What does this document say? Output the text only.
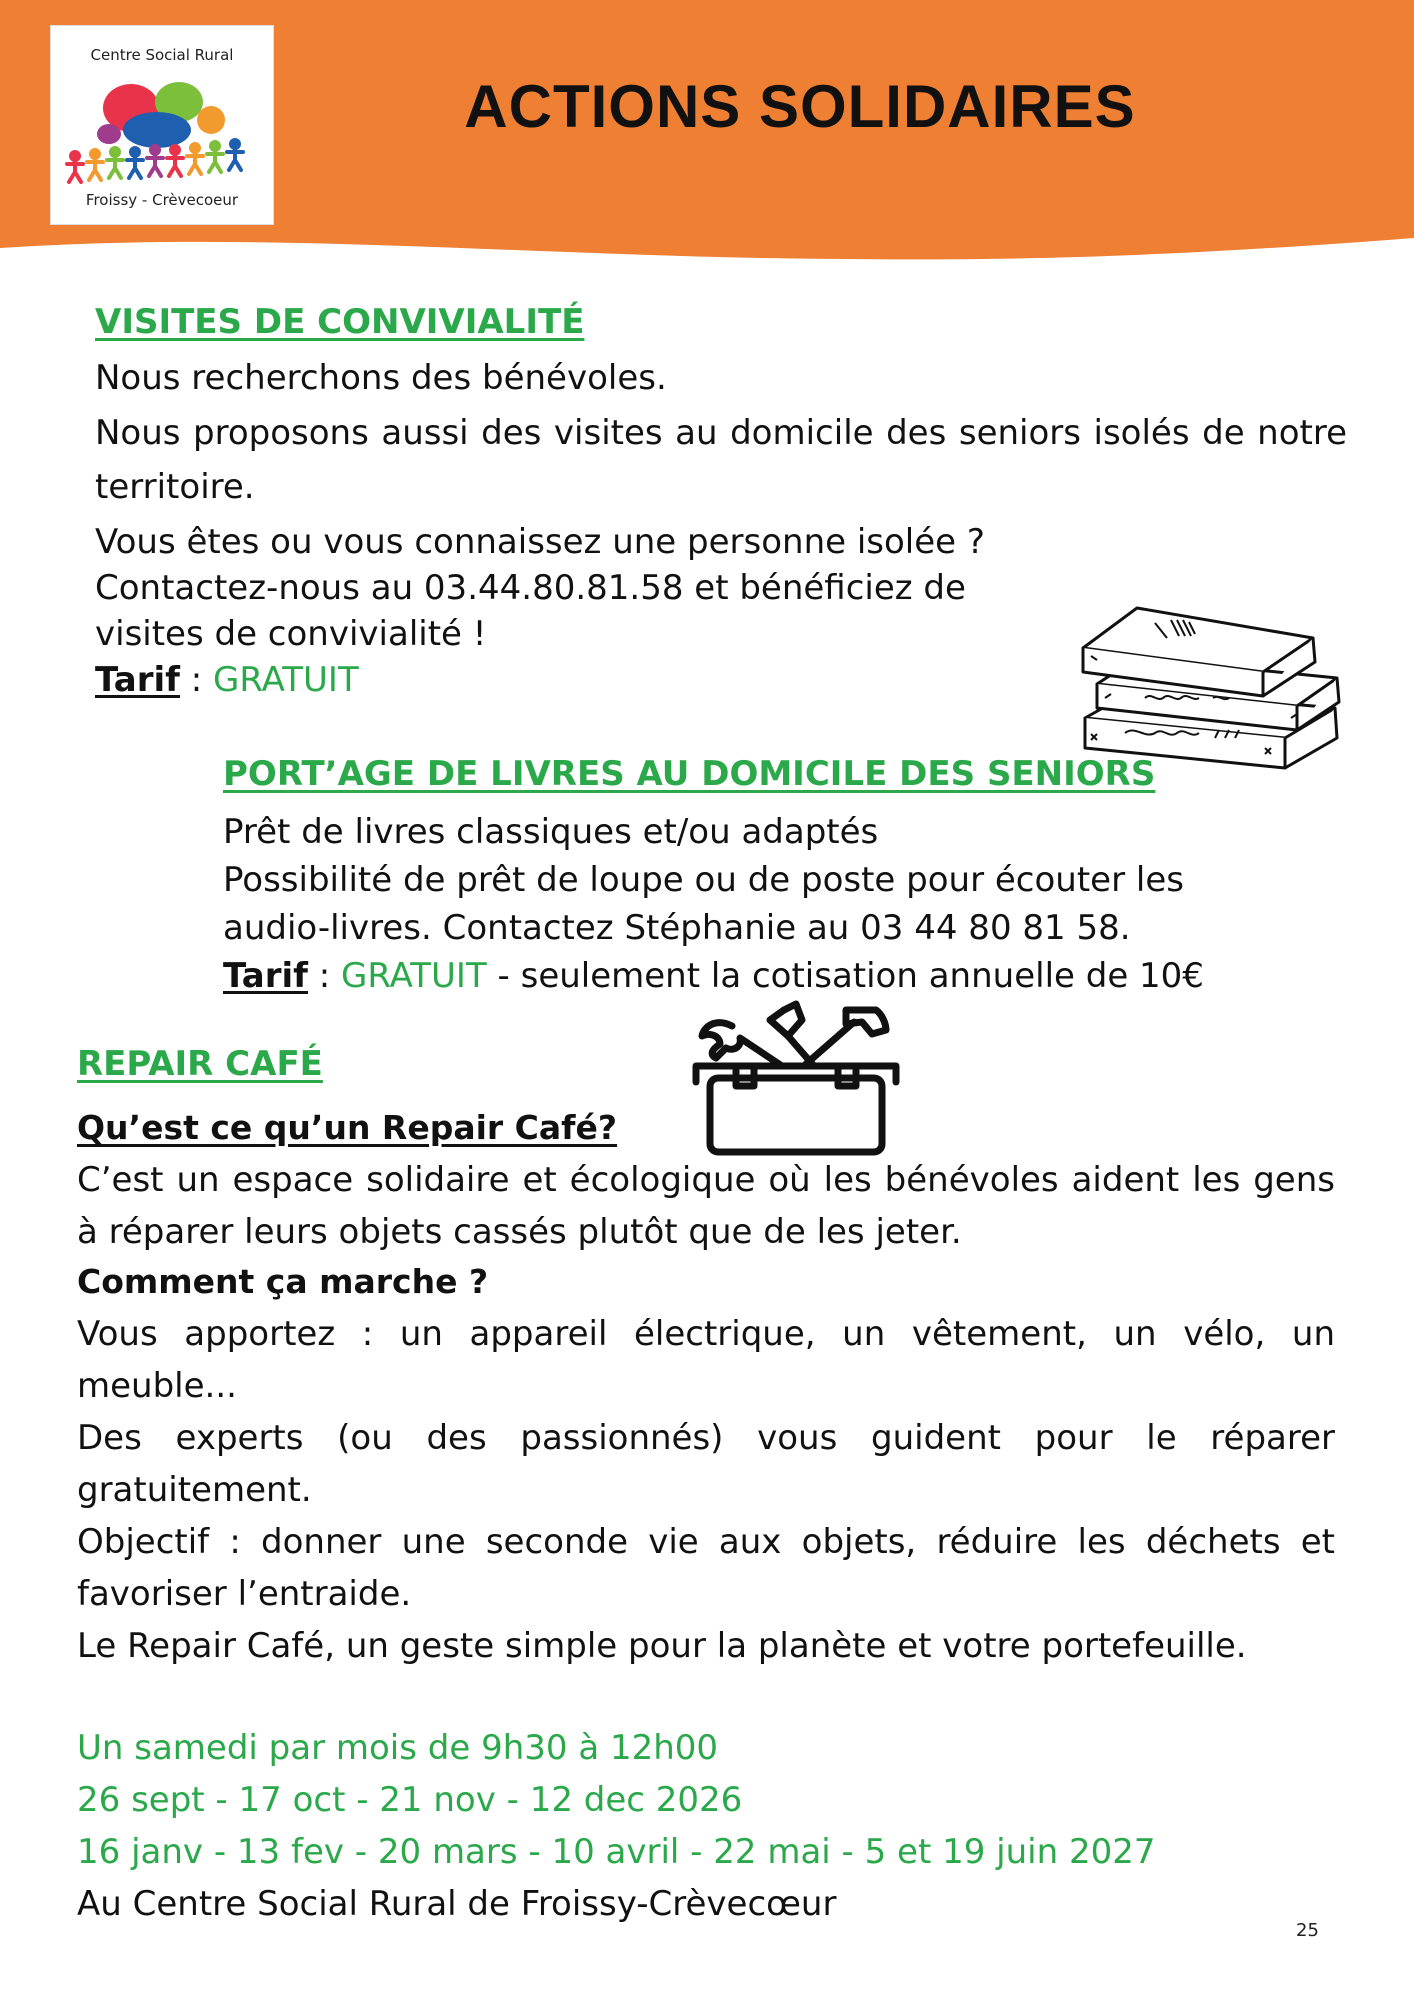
Centre Social Rural
Froissy - Crèvecoeur
ACTIONS SOLIDAIRES
VISITES DE CONVIVIALITÉ
Nous recherchons des bénévoles.
Nous proposons aussi des visites au domicile des seniors isolés de notre territoire.
Vous êtes ou vous connaissez une personne isolée ?
Contactez-nous au 03.44.80.81.58 et bénéficiez de
visites de convivialité !
Tarif : GRATUIT
PORT’AGE DE LIVRES AU DOMICILE DES SENIORS
Prêt de livres classiques et/ou adaptés
Possibilité de prêt de loupe ou de poste pour écouter les
audio-livres. Contactez Stéphanie au 03 44 80 81 58.
Tarif : GRATUIT - seulement la cotisation annuelle de 10€
REPAIR CAFÉ
Qu’est ce qu’un Repair Café?
C’est un espace solidaire et écologique où les bénévoles aident les gens à réparer leurs objets cassés plutôt que de les jeter.
Comment ça marche ?
Vous apportez : un appareil électrique, un vêtement, un vélo, un meuble...
Des experts (ou des passionnés) vous guident pour le réparer gratuitement.
Objectif : donner une seconde vie aux objets, réduire les déchets et favoriser l’entraide.
Le Repair Café, un geste simple pour la planète et votre portefeuille.
Un samedi par mois de 9h30 à 12h00
26 sept - 17 oct - 21 nov - 12 dec 2026
16 janv - 13 fev - 20 mars - 10 avril - 22 mai - 5 et 19 juin 2027
Au Centre Social Rural de Froissy-Crèvecœur
25
